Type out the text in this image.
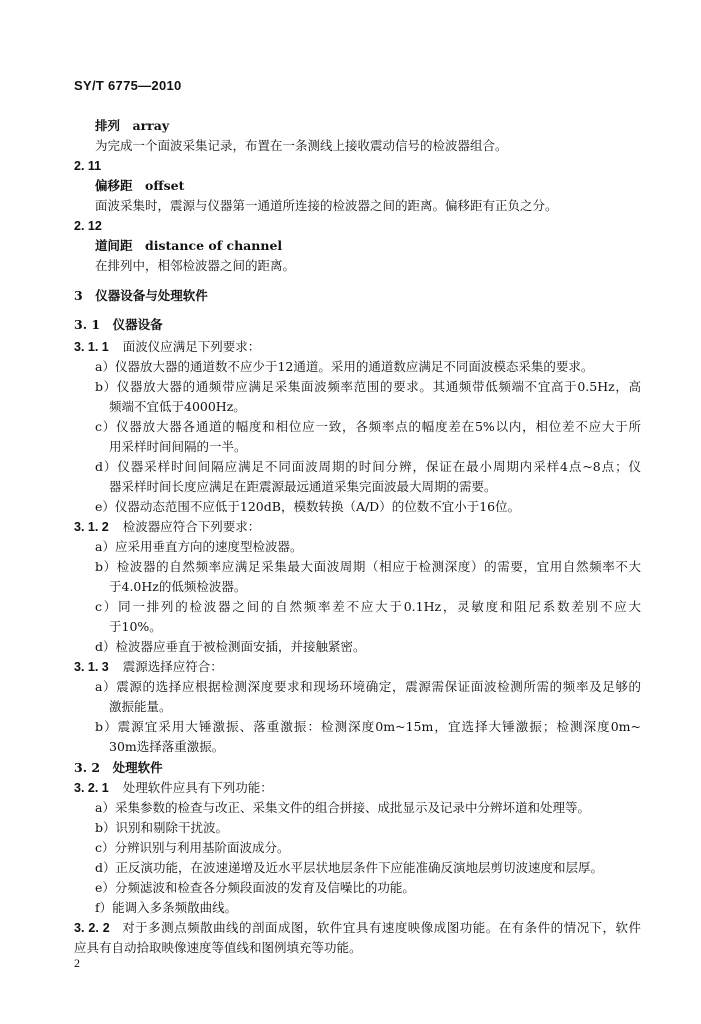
SY/T 6775—2010
排列　array
为完成一个面波采集记录，布置在一条测线上接收震动信号的检波器组合。
2. 11
偏移距　offset
面波采集时，震源与仪器第一通道所连接的检波器之间的距离。偏移距有正负之分。
2. 12
道间距　distance of channel
在排列中，相邻检波器之间的距离。
3　仪器设备与处理软件
3. 1　仪器设备
3. 1. 1 面波仪应满足下列要求：
a）仪器放大器的通道数不应少于12通道。采用的通道数应满足不同面波模态采集的要求。
b）仪器放大器的通频带应满足采集面波频率范围的要求。其通频带低频端不宜高于0.5Hz，高
频端不宜低于4000Hz。
c）仪器放大器各通道的幅度和相位应一致，各频率点的幅度差在5%以内，相位差不应大于所
用采样时间间隔的一半。
d）仪器采样时间间隔应满足不同面波周期的时间分辨，保证在最小周期内采样4点~8点；仪
器采样时间长度应满足在距震源最远通道采集完面波最大周期的需要。
e）仪器动态范围不应低于120dB，模数转换（A/D）的位数不宜小于16位。
3. 1. 2 检波器应符合下列要求：
a）应采用垂直方向的速度型检波器。
b）检波器的自然频率应满足采集最大面波周期（相应于检测深度）的需要，宜用自然频率不大
于4.0Hz的低频检波器。
c）同一排列的检波器之间的自然频率差不应大于0.1Hz，灵敏度和阻尼系数差别不应大
于10%。
d）检波器应垂直于被检测面安插，并接触紧密。
3. 1. 3 震源选择应符合：
a）震源的选择应根据检测深度要求和现场环境确定，震源需保证面波检测所需的频率及足够的
激振能量。
b）震源宜采用大锤激振、落重激振：检测深度0m~15m，宜选择大锤激振；检测深度0m~
30m选择落重激振。
3. 2　处理软件
3. 2. 1 处理软件应具有下列功能：
a）采集参数的检查与改正、采集文件的组合拼接、成批显示及记录中分辨坏道和处理等。
b）识别和剔除干扰波。
c）分辨识别与利用基阶面波成分。
d）正反演功能，在波速递增及近水平层状地层条件下应能准确反演地层剪切波速度和层厚。
e）分频滤波和检查各分频段面波的发育及信噪比的功能。
f）能调入多条频散曲线。
3. 2. 2 对于多测点频散曲线的剖面成图，软件宜具有速度映像成图功能。在有条件的情况下，软件
应具有自动拾取映像速度等值线和图例填充等功能。
2
